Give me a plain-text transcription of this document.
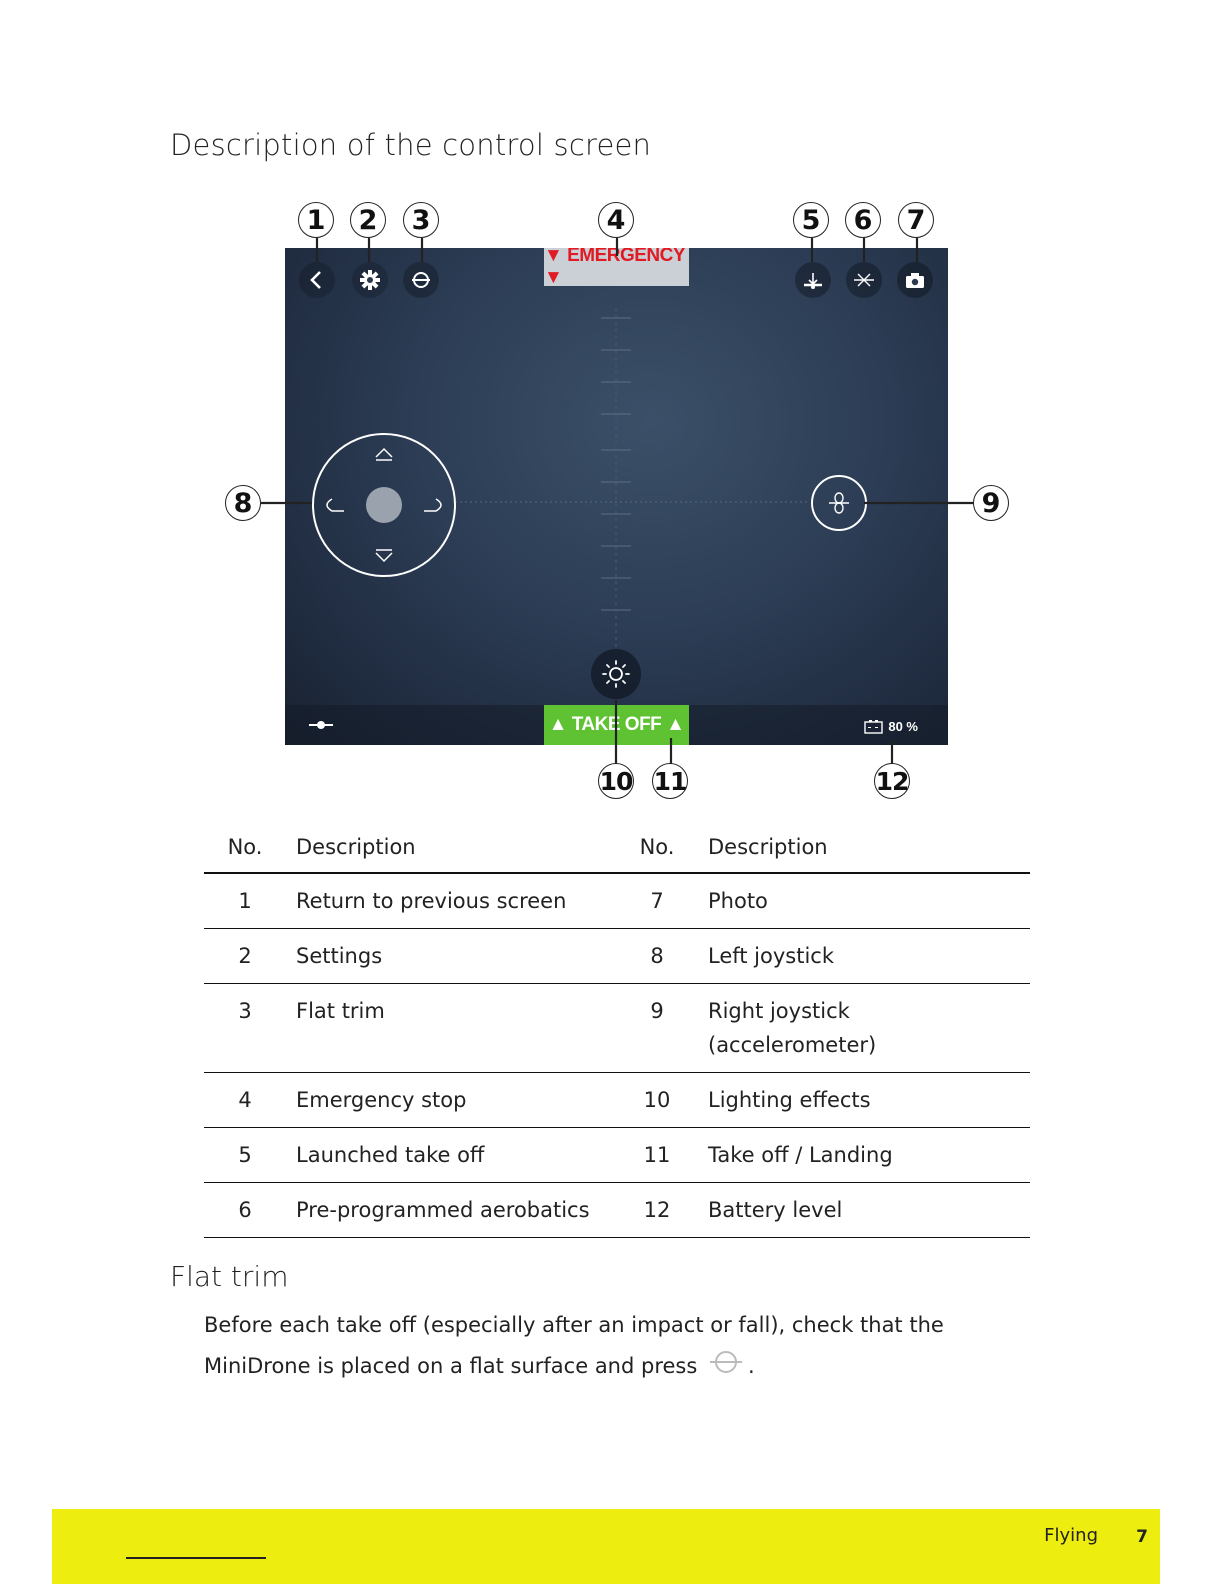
Description of the control screen
▼ EMERGENCY ▼
▲ TAKE OFF ▲	80 %
1	2	3	4	5	6	7
8	9
10 11	12
No.	Description	No.	Description
1	Return to previous screen	7	Photo
2	Settings	8	Left joystick
3	Flat trim	9	Right joystick (accelerometer)
4	Emergency stop	10	Lighting effects
5	Launched take off	11	Take off / Landing
6	Pre-programmed aerobatics	12	Battery level
Flat trim
Before each take off (especially after an impact or fall), check that the MiniDrone is placed on a flat surface and press .
Flying 7
